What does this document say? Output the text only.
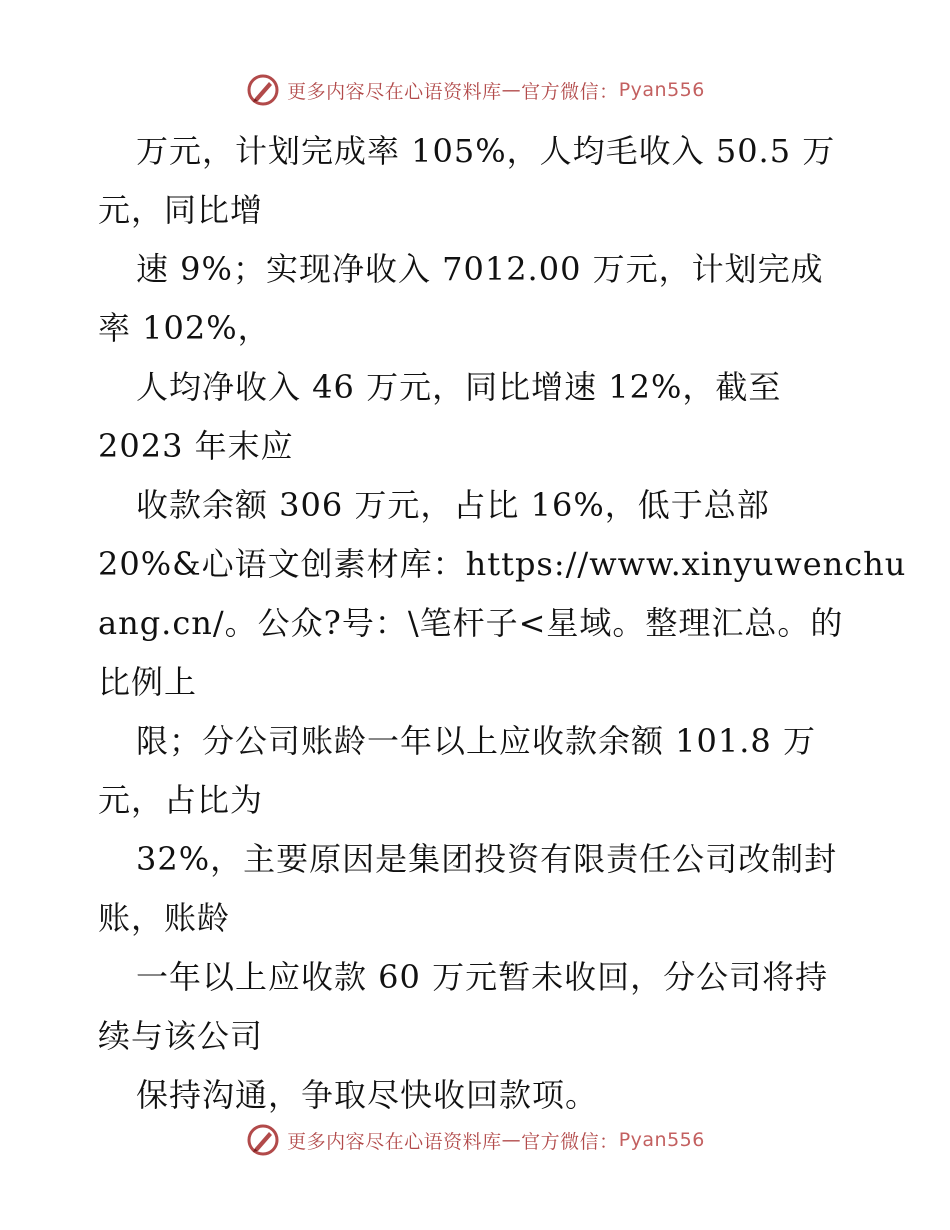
更多内容尽在心语资料库 — 官方微信： Pyan556
万元，计划完成率 105%，人均毛收入 50.5 万
元，同比增
速 9%；实现净收入 7012.00 万元，计划完成
率 102%，
人均净收入 46 万元，同比增速 12%，截至
2023 年末应
收款余额 306 万元，占比 16%，低于总部
20%&心语文创素材库：https://www.xinyuwenchu
ang.cn/。公众?号：\笔杆子<星域。整理汇总。的
比例上
限；分公司账龄一年以上应收款余额 101.8 万
元，占比为
32%，主要原因是集团投资有限责任公司改制封
账，账龄
一年以上应收款 60 万元暂未收回，分公司将持
续与该公司
保持沟通，争取尽快收回款项。
更多内容尽在心语资料库 — 官方微信： Pyan556
